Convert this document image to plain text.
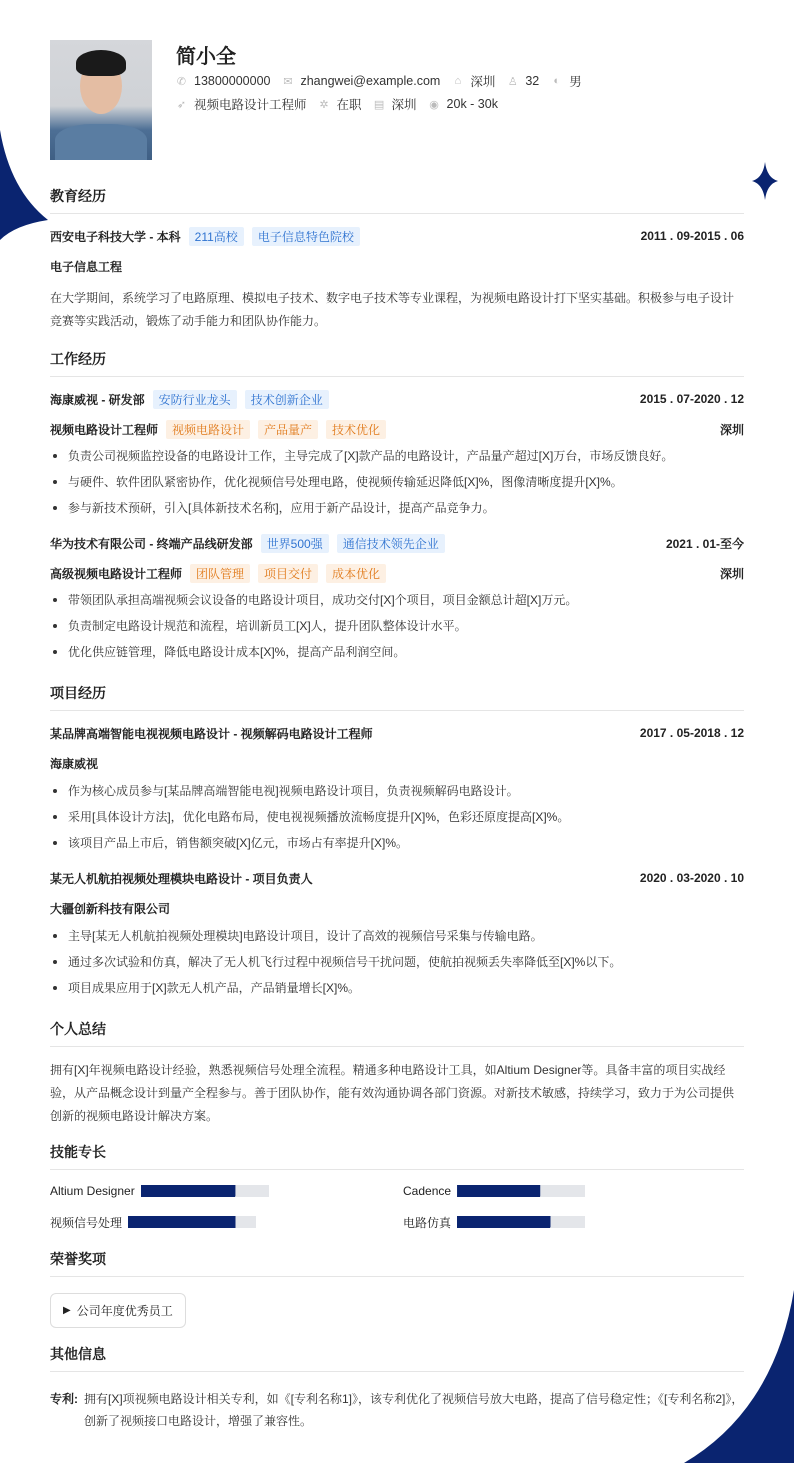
简小全
✆ 13800000000 ✉ zhangwei@example.com ⌂ 深圳 ♙ 32 ◐ 男
➶ 视频电路设计工程师 ✲ 在职 ▤ 深圳 ◉ 20k - 30k
教育经历
西安电子科技大学 - 本科	211高校	电子信息特色院校	2011 . 09-2015 . 06
电子信息工程
在大学期间，系统学习了电路原理、模拟电子技术、数字电子技术等专业课程，为视频电路设计打下坚实基础。积极参与电子设计竞赛等实践活动，锻炼了动手能力和团队协作能力。
工作经历
海康威视 - 研发部	安防行业龙头	技术创新企业	2015 . 07-2020 . 12
视频电路设计工程师	视频电路设计	产品量产	技术优化	深圳
负责公司视频监控设备的电路设计工作，主导完成了[X]款产品的电路设计，产品量产超过[X]万台，市场反馈良好。
与硬件、软件团队紧密协作，优化视频信号处理电路，使视频传输延迟降低[X]%，图像清晰度提升[X]%。
参与新技术预研，引入[具体新技术名称]，应用于新产品设计，提高产品竞争力。
华为技术有限公司 - 终端产品线研发部	世界500强	通信技术领先企业	2021 . 01-至今
高级视频电路设计工程师	团队管理	项目交付	成本优化	深圳
带领团队承担高端视频会议设备的电路设计项目，成功交付[X]个项目，项目金额总计超[X]万元。
负责制定电路设计规范和流程，培训新员工[X]人，提升团队整体设计水平。
优化供应链管理，降低电路设计成本[X]%，提高产品利润空间。
项目经历
某品牌高端智能电视视频电路设计 - 视频解码电路设计工程师	2017 . 05-2018 . 12
海康威视
作为核心成员参与[某品牌高端智能电视]视频电路设计项目，负责视频解码电路设计。
采用[具体设计方法]，优化电路布局，使电视视频播放流畅度提升[X]%，色彩还原度提高[X]%。
该项目产品上市后，销售额突破[X]亿元，市场占有率提升[X]%。
某无人机航拍视频处理模块电路设计 - 项目负责人	2020 . 03-2020 . 10
大疆创新科技有限公司
主导[某无人机航拍视频处理模块]电路设计项目，设计了高效的视频信号采集与传输电路。
通过多次试验和仿真，解决了无人机飞行过程中视频信号干扰问题，使航拍视频丢失率降低至[X]%以下。
项目成果应用于[X]款无人机产品，产品销量增长[X]%。
个人总结
拥有[X]年视频电路设计经验，熟悉视频信号处理全流程。精通多种电路设计工具，如Altium Designer等。具备丰富的项目实战经验，从产品概念设计到量产全程参与。善于团队协作，能有效沟通协调各部门资源。对新技术敏感，持续学习，致力于为公司提供创新的视频电路设计解决方案。
技能专长
Altium Designer	Cadence
视频信号处理	电路仿真
荣誉奖项
▶ 公司年度优秀员工
其他信息
专利: 拥有[X]项视频电路设计相关专利，如《[专利名称1]》，该专利优化了视频信号放大电路，提高了信号稳定性；《[专利名称2]》，创新了视频接口电路设计，增强了兼容性。
